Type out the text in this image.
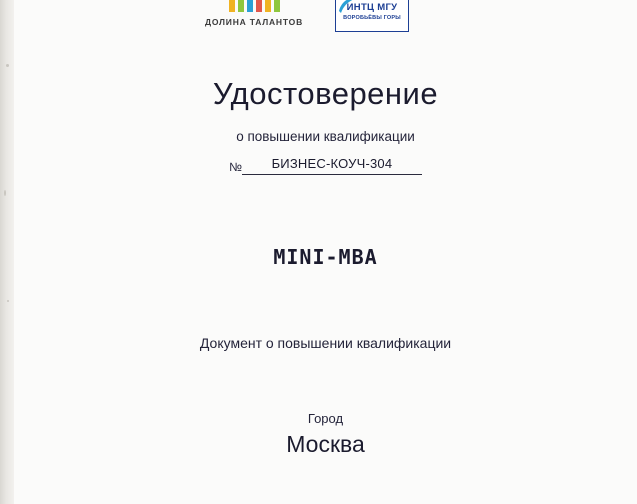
ДОЛИНА ТАЛАНТОВ
ИНТЦ МГУ
ВОРОБЬЁВЫ ГОРЫ
Удостоверение
о повышении квалификации
№	БИЗНЕС-КОУЧ-304
MINI-MBA
Документ о повышении квалификации
Город
Москва
